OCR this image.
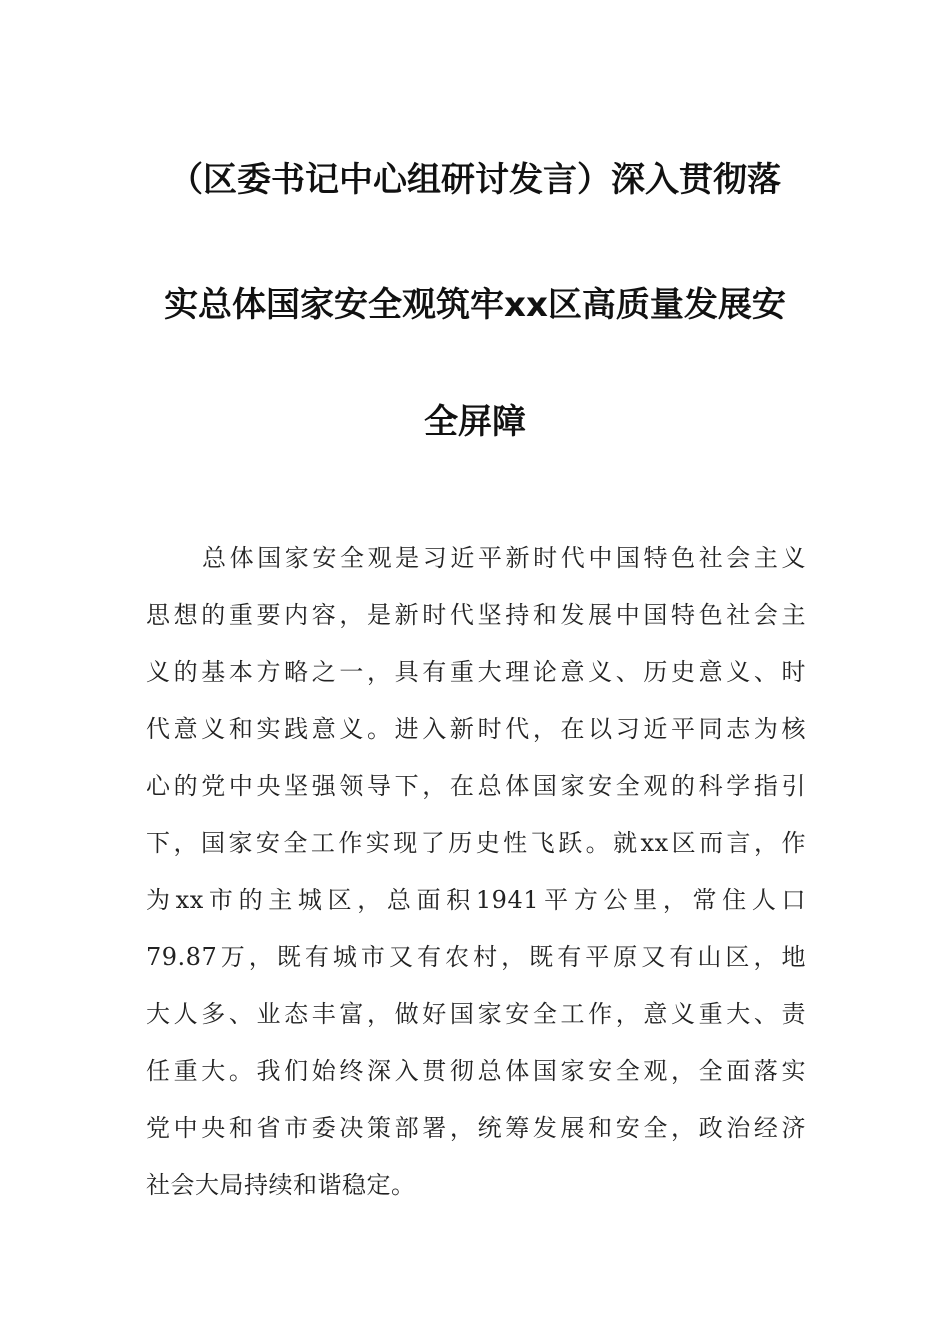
（区委书记中心组研讨发言）深入贯彻落
实总体国家安全观筑牢xx区高质量发展安
全屏障

总体国家安全观是习近平新时代中国特色社会主义

思想的重要内容，是新时代坚持和发展中国特色社会主

义的基本方略之一，具有重大理论意义、历史意义、时

代意义和实践意义。进入新时代，在以习近平同志为核

心的党中央坚强领导下，在总体国家安全观的科学指引

下，国家安全工作实现了历史性飞跃。就xx区而言，作

为xx市的主城区，总面积1941平方公里，常住人口

79.87万，既有城市又有农村，既有平原又有山区，地

大人多、业态丰富，做好国家安全工作，意义重大、责

任重大。我们始终深入贯彻总体国家安全观，全面落实

党中央和省市委决策部署，统筹发展和安全，政治经济

社会大局持续和谐稳定。
